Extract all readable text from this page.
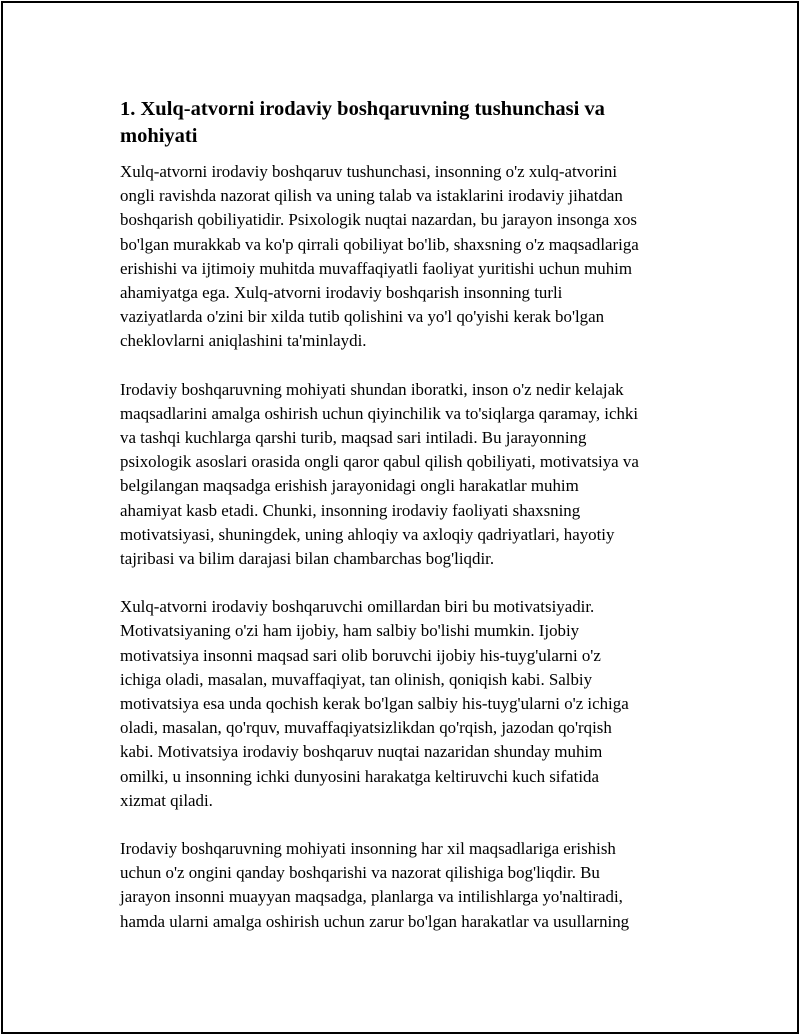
1. Xulq-atvorni irodaviy boshqaruvning tushunchasi va
mohiyati

Xulq-atvorni irodaviy boshqaruv tushunchasi, insonning o'z xulq-atvorini
ongli ravishda nazorat qilish va uning talab va istaklarini irodaviy jihatdan
boshqarish qobiliyatidir. Psixologik nuqtai nazardan, bu jarayon insonga xos
bo'lgan murakkab va ko'p qirrali qobiliyat bo'lib, shaxsning o'z maqsadlariga
erishishi va ijtimoiy muhitda muvaffaqiyatli faoliyat yuritishi uchun muhim
ahamiyatga ega. Xulq-atvorni irodaviy boshqarish insonning turli
vaziyatlarda o'zini bir xilda tutib qolishini va yo'l qo'yishi kerak bo'lgan
cheklovlarni aniqlashini ta'minlaydi.

Irodaviy boshqaruvning mohiyati shundan iboratki, inson o'z nedir kelajak
maqsadlarini amalga oshirish uchun qiyinchilik va to'siqlarga qaramay, ichki
va tashqi kuchlarga qarshi turib, maqsad sari intiladi. Bu jarayonning
psixologik asoslari orasida ongli qaror qabul qilish qobiliyati, motivatsiya va
belgilangan maqsadga erishish jarayonidagi ongli harakatlar muhim
ahamiyat kasb etadi. Chunki, insonning irodaviy faoliyati shaxsning
motivatsiyasi, shuningdek, uning ahloqiy va axloqiy qadriyatlari, hayotiy
tajribasi va bilim darajasi bilan chambarchas bog'liqdir.

Xulq-atvorni irodaviy boshqaruvchi omillardan biri bu motivatsiyadir.
Motivatsiyaning o'zi ham ijobiy, ham salbiy bo'lishi mumkin. Ijobiy
motivatsiya insonni maqsad sari olib boruvchi ijobiy his-tuyg'ularni o'z
ichiga oladi, masalan, muvaffaqiyat, tan olinish, qoniqish kabi. Salbiy
motivatsiya esa unda qochish kerak bo'lgan salbiy his-tuyg'ularni o'z ichiga
oladi, masalan, qo'rquv, muvaffaqiyatsizlikdan qo'rqish, jazodan qo'rqish
kabi. Motivatsiya irodaviy boshqaruv nuqtai nazaridan shunday muhim
omilki, u insonning ichki dunyosini harakatga keltiruvchi kuch sifatida
xizmat qiladi.

Irodaviy boshqaruvning mohiyati insonning har xil maqsadlariga erishish
uchun o'z ongini qanday boshqarishi va nazorat qilishiga bog'liqdir. Bu
jarayon insonni muayyan maqsadga, planlarga va intilishlarga yo'naltiradi,
hamda ularni amalga oshirish uchun zarur bo'lgan harakatlar va usullarning
